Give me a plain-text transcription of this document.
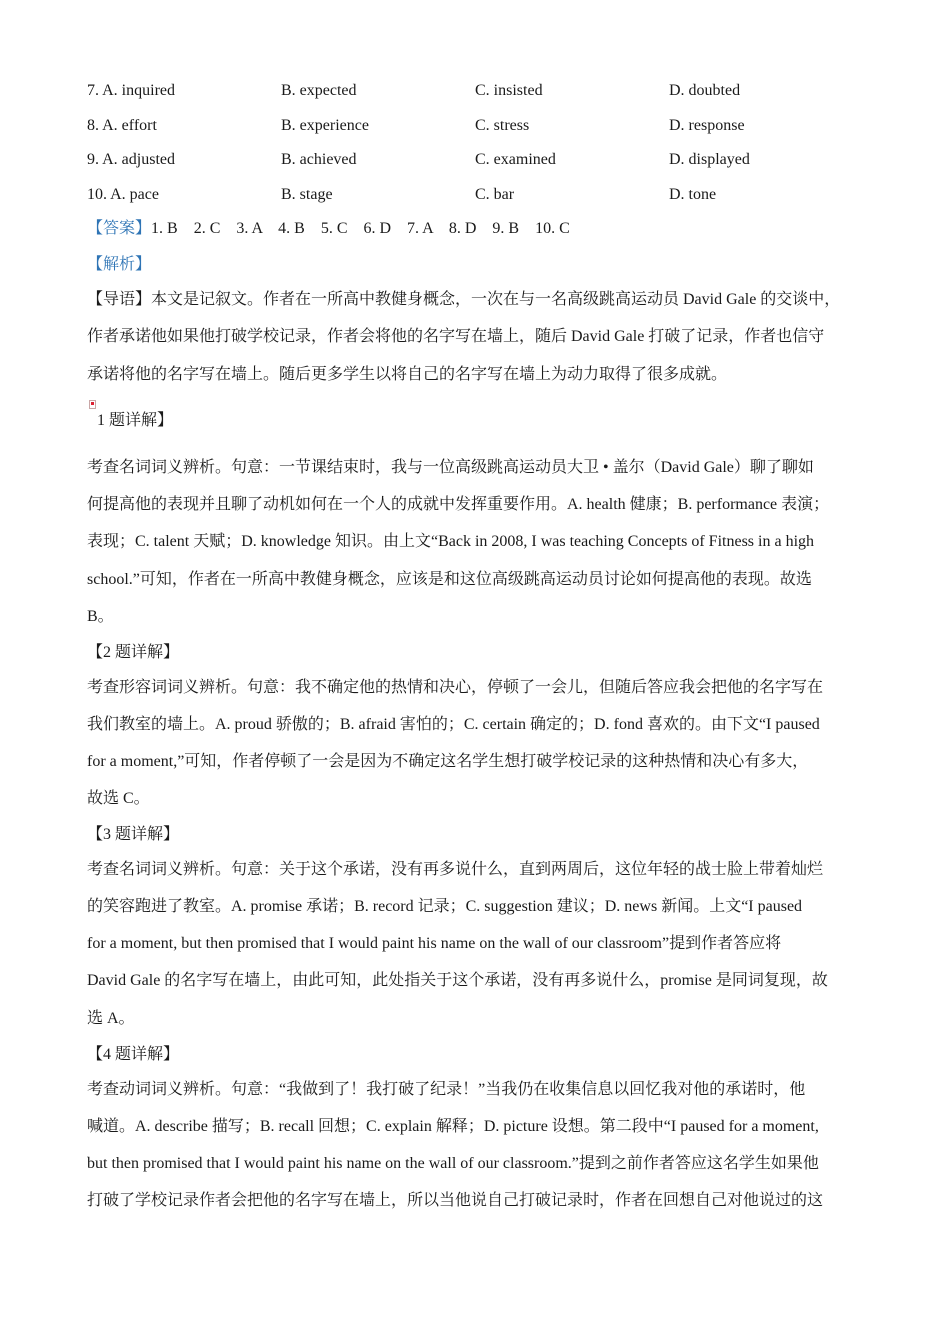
7. A. inquired	B. expected	C. insisted	D. doubted
8. A. effort	B. experience	C. stress	D. response
9. A. adjusted	B. achieved	C. examined	D. displayed
10. A. pace	B. stage	C. bar	D. tone
【答案】1. B    2. C    3. A    4. B    5. C    6. D    7. A    8. D    9. B    10. C
【解析】
【导语】本文是记叙文。作者在一所高中教健身概念，一次在与一名高级跳高运动员 David Gale 的交谈中，
作者承诺他如果他打破学校记录，作者会将他的名字写在墙上，随后 David Gale 打破了记录，作者也信守
承诺将他的名字写在墙上。随后更多学生以将自己的名字写在墙上为动力取得了很多成就。
1 题详解】
考查名词词义辨析。句意：一节课结束时，我与一位高级跳高运动员大卫 • 盖尔（David Gale）聊了聊如
何提高他的表现并且聊了动机如何在一个人的成就中发挥重要作用。A. health 健康；B. performance 表演；
表现；C. talent 天赋；D. knowledge 知识。由上文“Back in 2008, I was teaching Concepts of Fitness in a high
school.”可知，作者在一所高中教健身概念，应该是和这位高级跳高运动员讨论如何提高他的表现。故选
B。
【2 题详解】
考查形容词词义辨析。句意：我不确定他的热情和决心，停顿了一会儿，但随后答应我会把他的名字写在
我们教室的墙上。A. proud 骄傲的；B. afraid 害怕的；C. certain 确定的；D. fond 喜欢的。由下文“I paused
for a moment,”可知，作者停顿了一会是因为不确定这名学生想打破学校记录的这种热情和决心有多大，
故选 C。
【3 题详解】
考查名词词义辨析。句意：关于这个承诺，没有再多说什么，直到两周后，这位年轻的战士脸上带着灿烂
的笑容跑进了教室。A. promise 承诺；B. record 记录；C. suggestion 建议；D. news 新闻。上文“I paused
for a moment, but then promised that I would paint his name on the wall of our classroom”提到作者答应将
David Gale 的名字写在墙上，由此可知，此处指关于这个承诺，没有再多说什么，promise 是同词复现，故
选 A。
【4 题详解】
考查动词词义辨析。句意：“我做到了！我打破了纪录！”当我仍在收集信息以回忆我对他的承诺时，他
喊道。A. describe 描写；B. recall 回想；C. explain 解释；D. picture 设想。第二段中“I paused for a moment,
but then promised that I would paint his name on the wall of our classroom.”提到之前作者答应这名学生如果他
打破了学校记录作者会把他的名字写在墙上，所以当他说自己打破记录时，作者在回想自己对他说过的这
